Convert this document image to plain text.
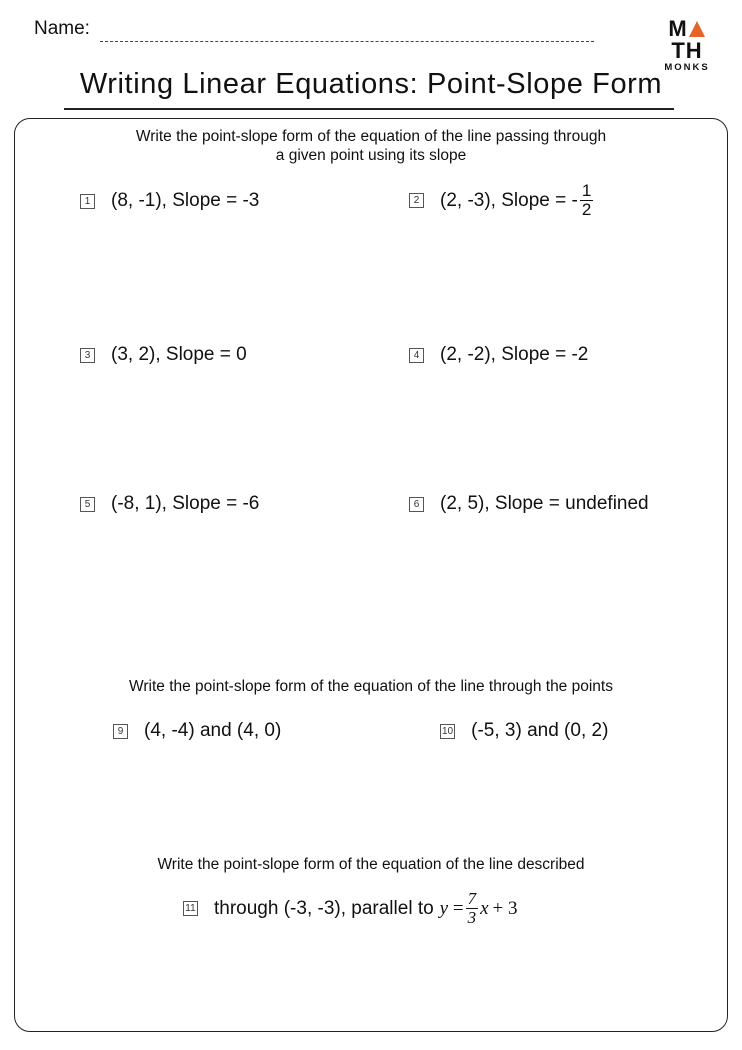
Name:	MTH
MONKS
Writing Linear Equations: Point-Slope Form
Write the point-slope form of the equation of the line passing through
a given point using its slope
1 (8, -1), Slope = -3	2 (2, -3), Slope = - $\frac{1}{2}$
3 (3, 2), Slope = 0	4 (2, -2), Slope = -2
5 (-8, 1), Slope = -6	6 (2, 5), Slope = undefined
Write the point-slope form of the equation of the line through the points
9 (4, -4) and (4, 0)	10 (-5, 3) and (0, 2)
Write the point-slope form of the equation of the line described
11 through (-3, -3), parallel to $y = \frac{7}{3}$ x + 3
